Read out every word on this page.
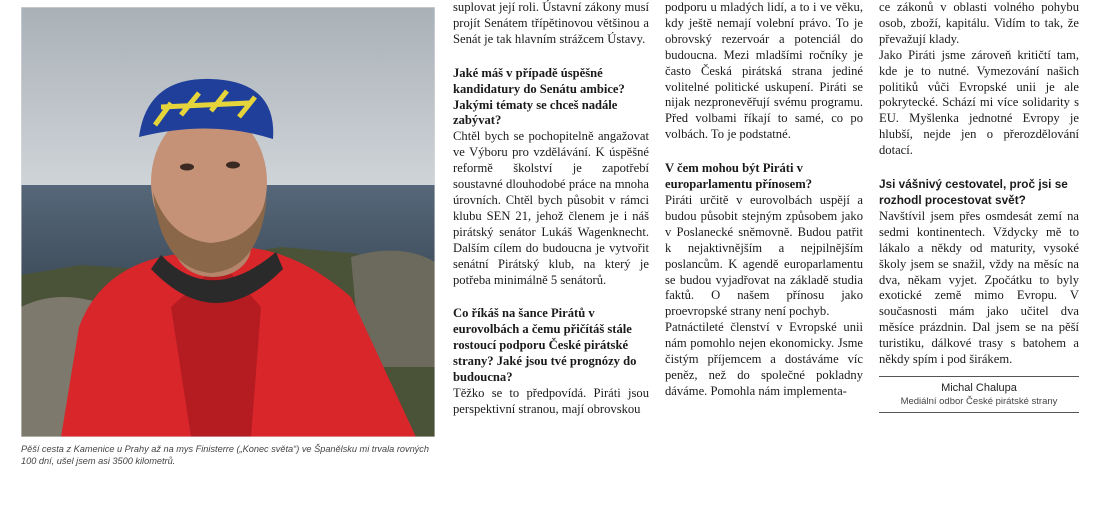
Pěší cesta z Kamenice u Prahy až na mys Finisterre („Konec světa“) ve Španělsku mi trvala rovných 100 dní, ušel jsem asi 3500 kilometrů.

suplovat její roli. Ústavní zákony musí projít Senátem třípětinovou většinou a Senát je tak hlavním strážcem Ústavy.

Jaké máš v případě úspěšné kandidatury do Senátu ambice? Jakými tématy se chceš nadále zabývat?

Chtěl bych se pochopitelně angažovat ve Výboru pro vzdělávání. K úspěšné reformě školství je zapotřebí soustavné dlouhodobé práce na mnoha úrovních. Chtěl bych působit v rámci klubu SEN 21, jehož členem je i náš pirátský senátor Lukáš Wagenknecht. Dalším cílem do budoucna je vytvořit senátní Pirátský klub, na který je potřeba minimálně 5 senátorů.

Co říkáš na šance Pirátů v eurovolbách a čemu přičítáš stále rostoucí podporu České pirátské strany? Jaké jsou tvé prognózy do budoucna?

Těžko se to předpovídá. Piráti jsou perspektivní stranou, mají obrovskou

podporu u mladých lidí, a to i ve věku, kdy ještě nemají volební právo. To je obrovský rezervoár a potenciál do budoucna. Mezi mladšími ročníky je často Česká pirátská strana jediné volitelné politické uskupení. Piráti se nijak nezpronevěřují svému programu. Před volbami říkají to samé, co po volbách. To je podstatné.

V čem mohou být Piráti v europarlamentu přínosem?

Piráti určitě v eurovolbách uspějí a budou působit stejným způsobem jako v Poslanecké sněmovně. Budou patřit k nejaktivnějším a nejpilnějším poslancům. K agendě europarlamentu se budou vyjadřovat na základě studia faktů. O našem přínosu jako proevropské strany není pochyb.

Patnáctileté členství v Evropské unii nám pomohlo nejen ekonomicky. Jsme čistým příjemcem a dostáváme víc peněz, než do společné pokladny dáváme. Pomohla nám implementa-

ce zákonů v oblasti volného pohybu osob, zboží, kapitálu. Vidím to tak, že převažují klady.

Jako Piráti jsme zároveň kritičtí tam, kde je to nutné. Vymezování našich politiků vůči Evropské unii je ale pokrytecké. Schází mi více solidarity s EU. Myšlenka jednotné Evropy je hlubší, nejde jen o přerozdělování dotací.

Jsi vášnivý cestovatel, proč jsi se rozhodl procestovat svět?

Navštívil jsem přes osmdesát zemí na sedmi kontinentech. Vždycky mě to lákalo a někdy od maturity, vysoké školy jsem se snažil, vždy na měsíc na dva, někam vyjet. Zpočátku to byly exotické země mimo Evropu. V současnosti mám jako učitel dva měsíce prázdnin. Dal jsem se na pěší turistiku, dálkové trasy s batohem a někdy spím i pod širákem.

Michal Chalupa
Mediální odbor České pirátské strany
